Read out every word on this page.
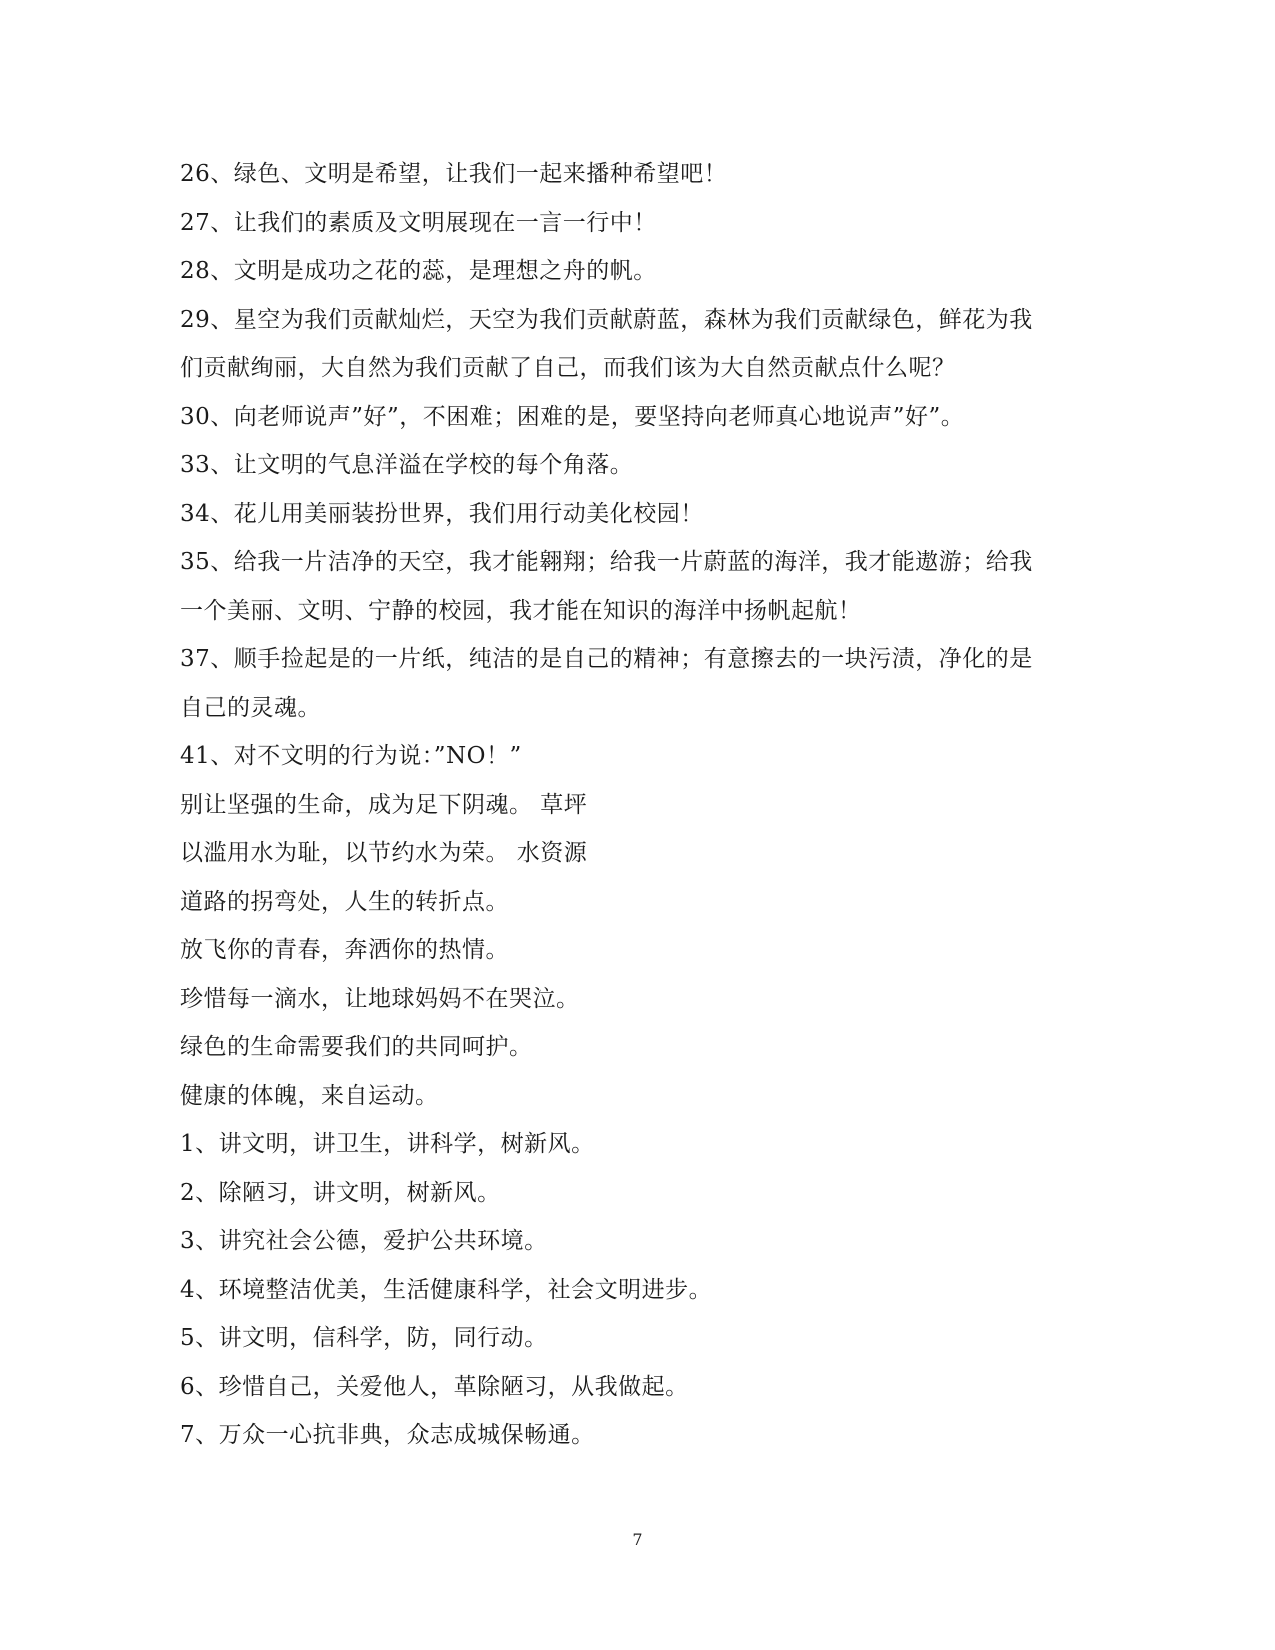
26、绿色、文明是希望，让我们一起来播种希望吧！
27、让我们的素质及文明展现在一言一行中！
28、文明是成功之花的蕊，是理想之舟的帆。
29、星空为我们贡献灿烂，天空为我们贡献蔚蓝，森林为我们贡献绿色，鲜花为我
们贡献绚丽，大自然为我们贡献了自己，而我们该为大自然贡献点什么呢？
30、向老师说声”好”，不困难；困难的是，要坚持向老师真心地说声”好”。
33、让文明的气息洋溢在学校的每个角落。
34、花儿用美丽装扮世界，我们用行动美化校园！
35、给我一片洁净的天空，我才能翱翔；给我一片蔚蓝的海洋，我才能遨游；给我
一个美丽、文明、宁静的校园，我才能在知识的海洋中扬帆起航！
37、顺手捡起是的一片纸，纯洁的是自己的精神；有意擦去的一块污渍，净化的是
自己的灵魂。
41、对不文明的行为说：”NO！”
别让坚强的生命，成为足下阴魂。 草坪
以滥用水为耻，以节约水为荣。 水资源
道路的拐弯处，人生的转折点。
放飞你的青春，奔洒你的热情。
珍惜每一滴水，让地球妈妈不在哭泣。
绿色的生命需要我们的共同呵护。
健康的体魄，来自运动。
1、讲文明，讲卫生，讲科学，树新风。
2、除陋习，讲文明，树新风。
3、讲究社会公德，爱护公共环境。
4、环境整洁优美，生活健康科学，社会文明进步。
5、讲文明，信科学，防，同行动。
6、珍惜自己，关爱他人，革除陋习，从我做起。
7、万众一心抗非典，众志成城保畅通。
7
